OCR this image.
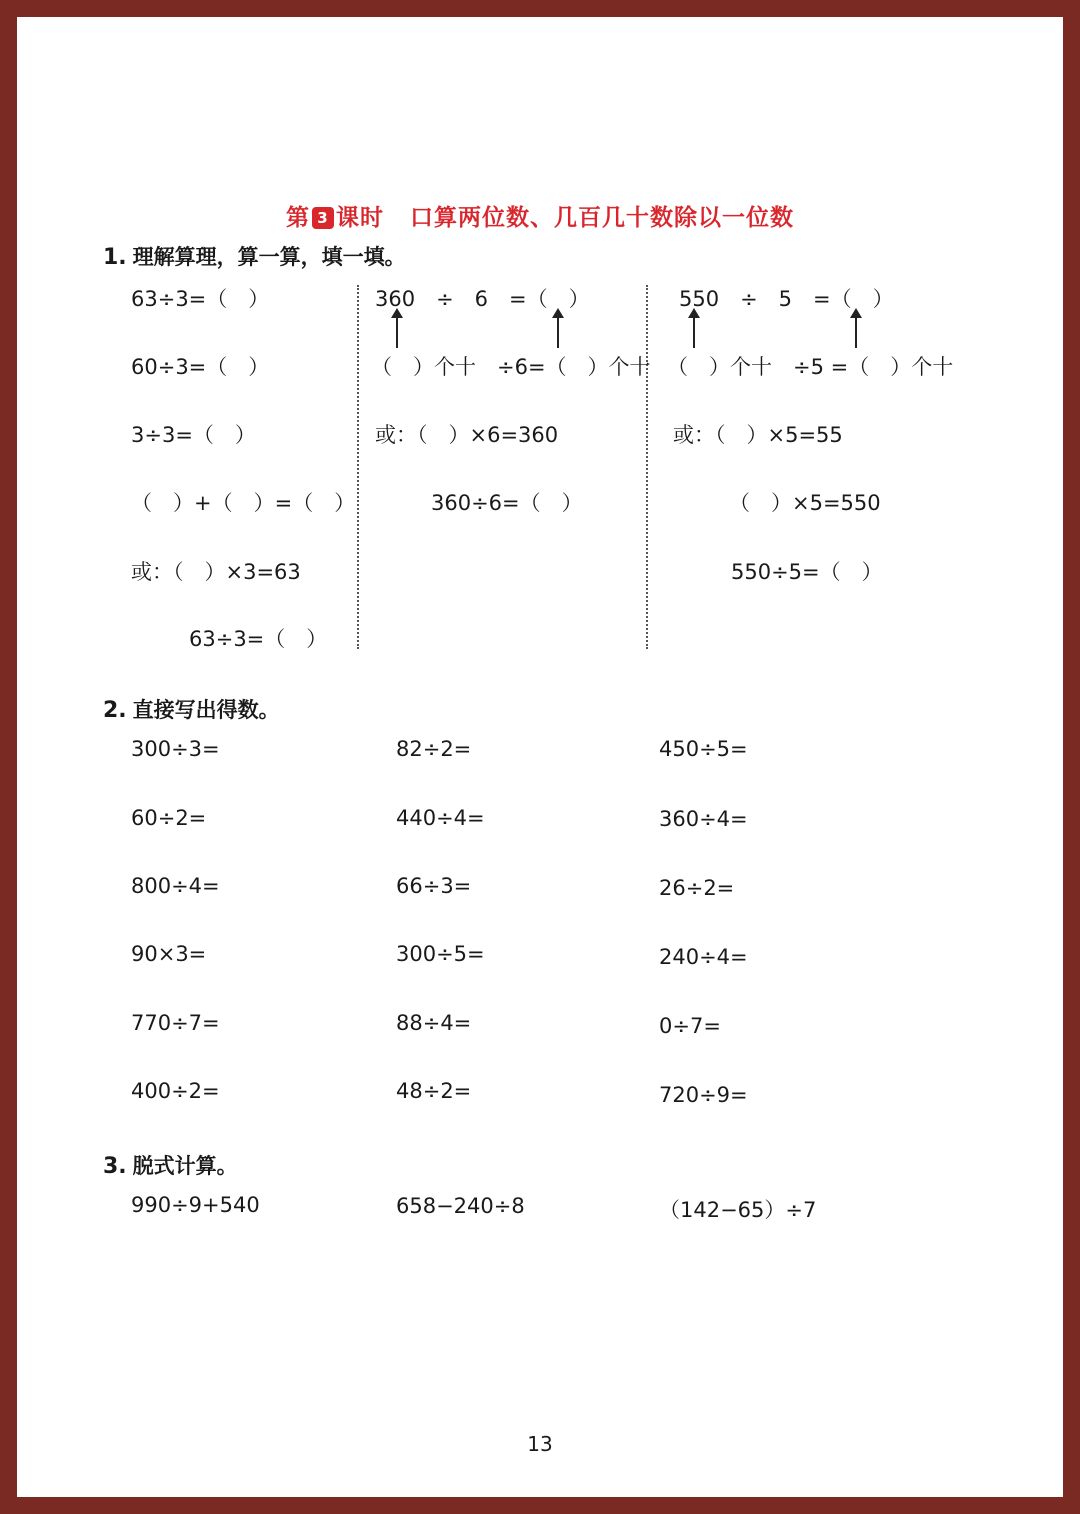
第 3 课时 口算两位数、几百几十数除以一位数
1. 理解算理，算一算，填一填。
63÷3=（　）
60÷3=（　）
3÷3=（　）
（　）+（　）=（　）
或：（　）×3=63
63÷3=（　）
360　÷　6　=（　）
（　）个十　÷6=（　）个十
或：（　）×6=360
360÷6=（　）
550　÷　5　=（　）
（　）个十　÷5 =（　）个十
或：（　）×5=55
（　）×5=550
550÷5=（　）
2. 直接写出得数。
300÷3=
60÷2=
800÷4=
90×3=
770÷7=
400÷2=
82÷2=
440÷4=
66÷3=
300÷5=
88÷4=
48÷2=
450÷5=
360÷4=
26÷2=
240÷4=
0÷7=
720÷9=
3. 脱式计算。
990÷9+540	658−240÷8	（142−65）÷7
13
